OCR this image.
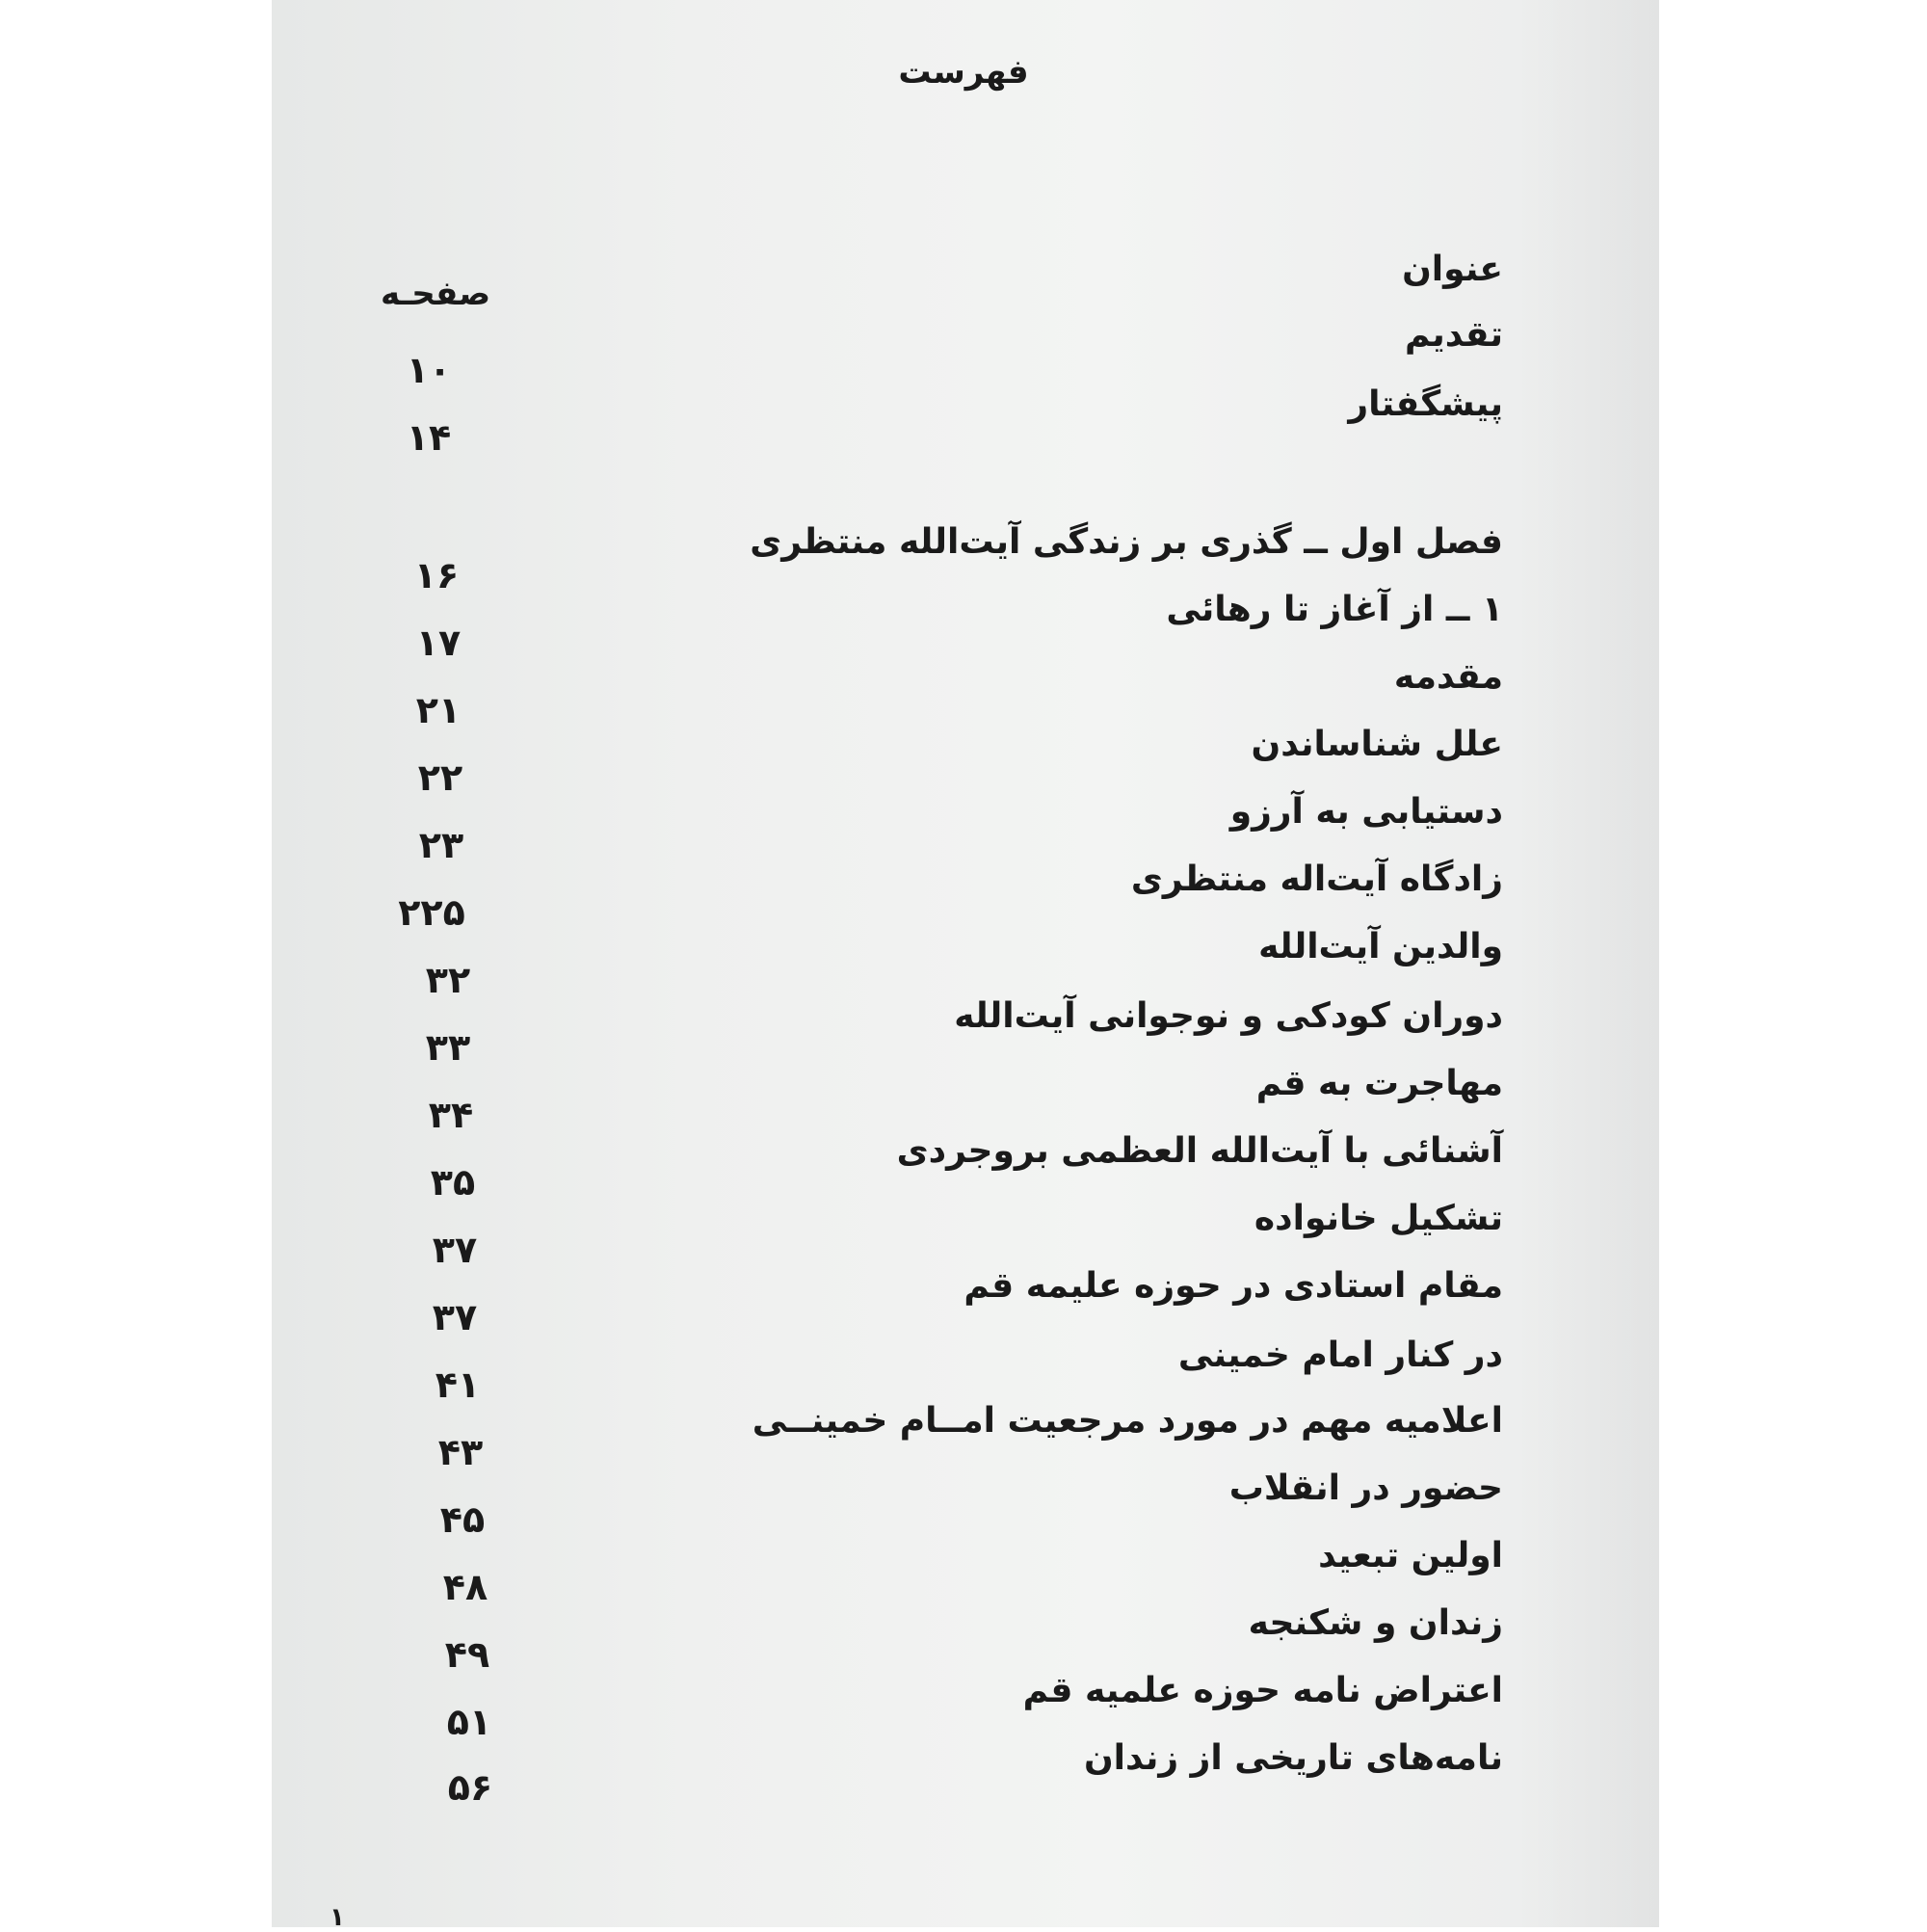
فهرست
عنوان
صفحـه
تقدیم
پیشگفتار
فصل اول ــ گذری بر زندگی آیت‌الله منتظری
۱ ــ از آغاز تا رهائی
مقدمه
علل شناساندن
دستیابی به آرزو
زادگاه آیت‌اله منتظری
والدین آیت‌الله
دوران کودکی و نوجوانی آیت‌الله
مهاجرت به قم
آشنائی با آیت‌الله العظمی بروجردی
تشکیل خانواده
مقام استادی در حوزه علیمه قم
در کنار امام خمینی
اعلامیه مهم در مورد مرجعیت امــام خمینــی
حضور در انقلاب
اولین تبعید
زندان و شکنجه
اعتراض نامه حوزه علمیه قم
نامه‌های تاریخی از زندان
۱۰
۱۴
۱۶
۱۷
۲۱
۲۲
۲۳
۲۲۵
۳۲
۳۳
۳۴
۳۵
۳۷
۳۷
۴۱
۴۳
۴۵
۴۸
۴۹
۵۱
۵۶
۱
